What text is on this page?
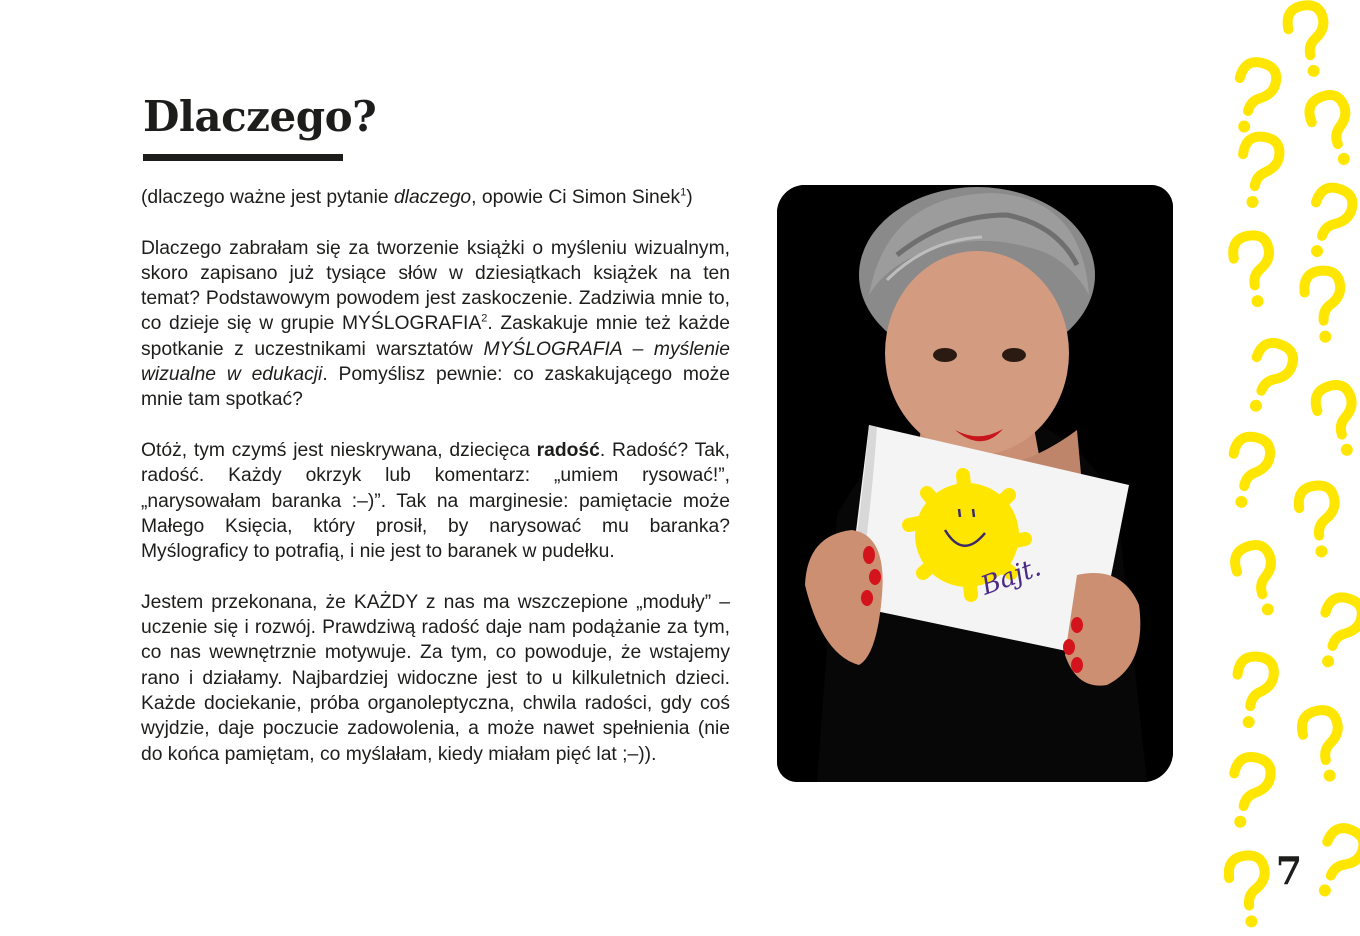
Dlaczego?

(dlaczego ważne jest pytanie dlaczego, opowie Ci Simon Sinek$^1$)

Dlaczego zabrałam się za tworzenie książki o myśleniu wizualnym, skoro zapisano już tysiące słów w dziesiątkach książek na ten temat? Podstawowym powodem jest zaskoczenie. Zadziwia mnie to, co dzieje się w grupie MYŚLOGRAFIA$^2$. Zaskakuje mnie też każde spotkanie z uczestnikami warsztatów MYŚLOGRAFIA – myślenie wizualne w edukacji. Pomyślisz pewnie: co zaskakującego może mnie tam spotkać?

Otóż, tym czymś jest nieskrywana, dziecięca radość. Radość? Tak, radość. Każdy okrzyk lub komentarz: „umiem rysować!”, „narysowałam baranka :–)”. Tak na marginesie: pamiętacie może Małego Księcia, który prosił, by narysować mu baranka? Myślograficy to potrafią, i nie jest to baranek w pudełku.

Jestem przekonana, że KAŻDY z nas ma wszczepione „moduły” – uczenie się i rozwój. Prawdziwą radość daje nam podążanie za tym, co nas wewnętrznie motywuje. Za tym, co powoduje, że wstajemy rano i działamy. Najbardziej widoczne jest to u kilkuletnich dzieci. Każde dociekanie, próba organoleptyczna, chwila radości, gdy coś wyjdzie, daje poczucie zadowolenia, a może nawet spełnienia (nie do końca pamiętam, co myślałam, kiedy miałam pięć lat ;–)).

Bajt.
7
